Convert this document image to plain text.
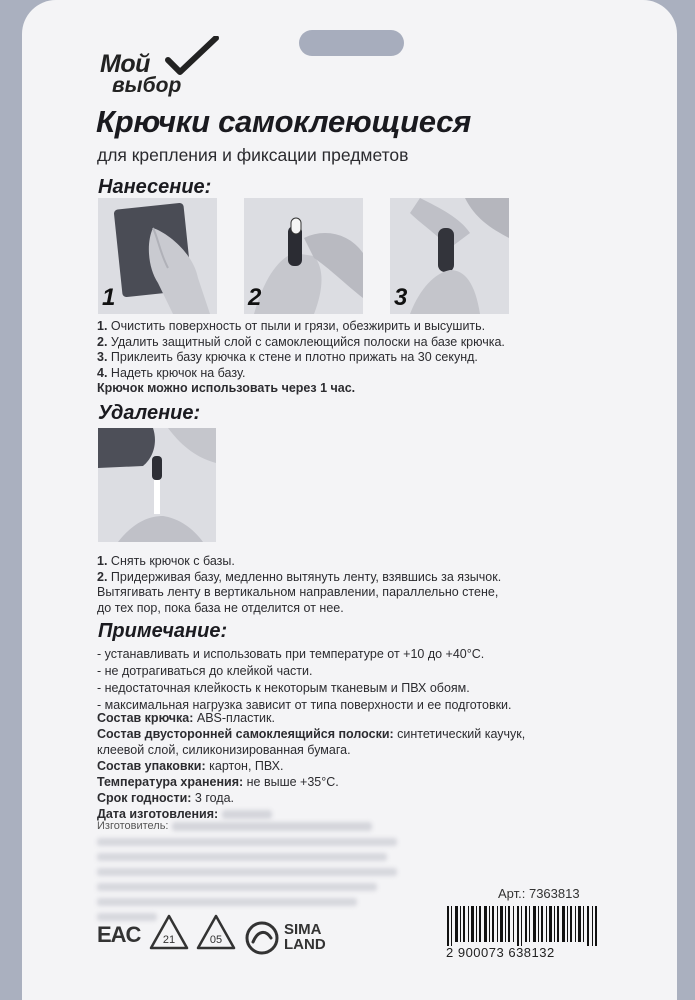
Мой
выбор
Крючки самоклеющиеся
для крепления и фиксации предметов
Нанесение:
1	2	3
1. Очистить поверхность от пыли и грязи, обезжирить и высушить.
2. Удалить защитный слой с самоклеющийся полоски на базе крючка.
3. Приклеить базу крючка к стене и плотно прижать на 30 секунд.
4. Надеть крючок на базу.
Крючок можно использовать через 1 час.
Удаление:
1. Снять крючок с базы.
2. Придерживая базу, медленно вытянуть ленту, взявшись за язычок.
Вытягивать ленту в вертикальном направлении, параллельно стене,
до тех пор, пока база не отделится от нее.
Примечание:
- устанавливать и использовать при температуре от +10 до +40°С.
- не дотрагиваться до клейкой части.
- недостаточная клейкость к некоторым тканевым и ПВХ обоям.
- максимальная нагрузка зависит от типа поверхности и ее подготовки.
Состав крючка: ABS-пластик.
Состав двусторонней самоклеящийся полоски: синтетический каучук,
клеевой слой, силиконизированная бумага.
Состав упаковки: картон, ПВХ.
Температура хранения: не выше +35°С.
Срок годности: 3 года.
Дата изготовления:
Изготовитель:
Арт.: 7363813
2 900073 638132
EAC 21	05
SIMA
LAND
